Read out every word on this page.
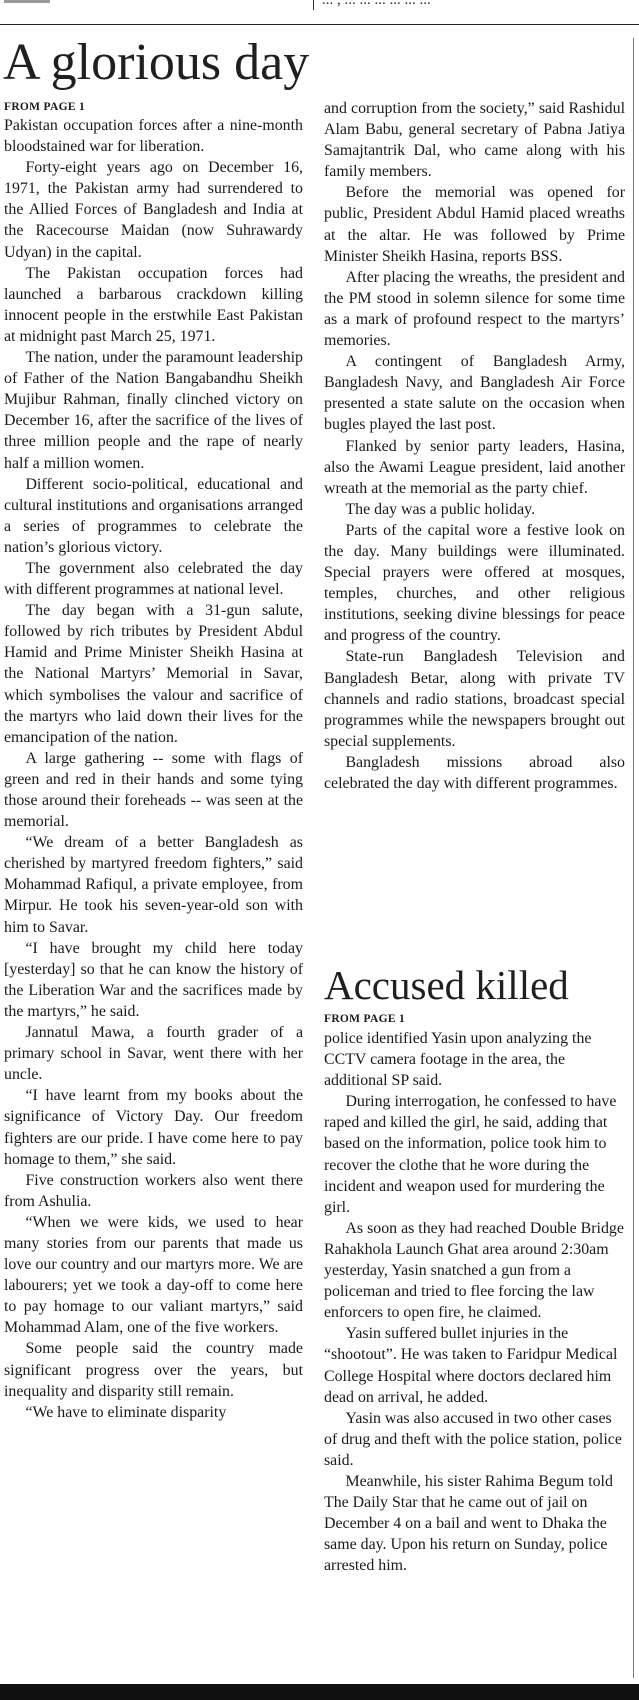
... , ... ... ... ... ... ...
A glorious day
FROM PAGE 1

Pakistan occupation forces after a nine-month bloodstained war for liberation.

Forty-eight years ago on December 16, 1971, the Pakistan army had surrendered to the Allied Forces of Bangladesh and India at the Racecourse Maidan (now Suhrawardy Udyan) in the capital.

The Pakistan occupation forces had launched a barbarous crackdown killing innocent people in the erstwhile East Pakistan at midnight past March 25, 1971.

The nation, under the paramount leadership of Father of the Nation Bangabandhu Sheikh Mujibur Rahman, finally clinched victory on December 16, after the sacrifice of the lives of three million people and the rape of nearly half a million women.

Different socio-political, educational and cultural institutions and organisations arranged a series of programmes to celebrate the nation’s glorious victory.

The government also celebrated the day with different programmes at national level.

The day began with a 31-gun salute, followed by rich tributes by President Abdul Hamid and Prime Minister Sheikh Hasina at the National Martyrs’ Memorial in Savar, which symbolises the valour and sacrifice of the martyrs who laid down their lives for the emancipation of the nation.

A large gathering -- some with flags of green and red in their hands and some tying those around their foreheads -- was seen at the memorial.

“We dream of a better Bangladesh as cherished by martyred freedom fighters,” said Mohammad Rafiqul, a private employee, from Mirpur. He took his seven-year-old son with him to Savar.

“I have brought my child here today [yesterday] so that he can know the history of the Liberation War and the sacrifices made by the martyrs,” he said.

Jannatul Mawa, a fourth grader of a primary school in Savar, went there with her uncle.

“I have learnt from my books about the significance of Victory Day. Our freedom fighters are our pride. I have come here to pay homage to them,” she said.

Five construction workers also went there from Ashulia.

“When we were kids, we used to hear many stories from our parents that made us love our country and our martyrs more. We are labourers; yet we took a day-off to come here to pay homage to our valiant martyrs,” said Mohammad Alam, one of the five workers.

Some people said the country made significant progress over the years, but inequality and disparity still remain.

“We have to eliminate disparity

and corruption from the society,” said Rashidul Alam Babu, general secretary of Pabna Jatiya Samajtantrik Dal, who came along with his family members.

Before the memorial was opened for public, President Abdul Hamid placed wreaths at the altar. He was followed by Prime Minister Sheikh Hasina, reports BSS.

After placing the wreaths, the president and the PM stood in solemn silence for some time as a mark of profound respect to the martyrs’ memories.

A contingent of Bangladesh Army, Bangladesh Navy, and Bangladesh Air Force presented a state salute on the occasion when bugles played the last post.

Flanked by senior party leaders, Hasina, also the Awami League president, laid another wreath at the memorial as the party chief.

The day was a public holiday.

Parts of the capital wore a festive look on the day. Many buildings were illuminated. Special prayers were offered at mosques, temples, churches, and other religious institutions, seeking divine blessings for peace and progress of the country.

State-run Bangladesh Television and Bangladesh Betar, along with private TV channels and radio stations, broadcast special programmes while the newspapers brought out special supplements.

Bangladesh missions abroad also celebrated the day with different programmes.

Accused killed
FROM PAGE 1

police identified Yasin upon analyzing the CCTV camera footage in the area, the additional SP said.

During interrogation, he confessed to have raped and killed the girl, he said, adding that based on the information, police took him to recover the clothe that he wore during the incident and weapon used for murdering the girl.

As soon as they had reached Double Bridge Rahakhola Launch Ghat area around 2:30am yesterday, Yasin snatched a gun from a policeman and tried to flee forcing the law enforcers to open fire, he claimed.

Yasin suffered bullet injuries in the “shootout”. He was taken to Faridpur Medical College Hospital where doctors declared him dead on arrival, he added.

Yasin was also accused in two other cases of drug and theft with the police station, police said.

Meanwhile, his sister Rahima Begum told The Daily Star that he came out of jail on December 4 on a bail and went to Dhaka the same day. Upon his return on Sunday, police arrested him.
